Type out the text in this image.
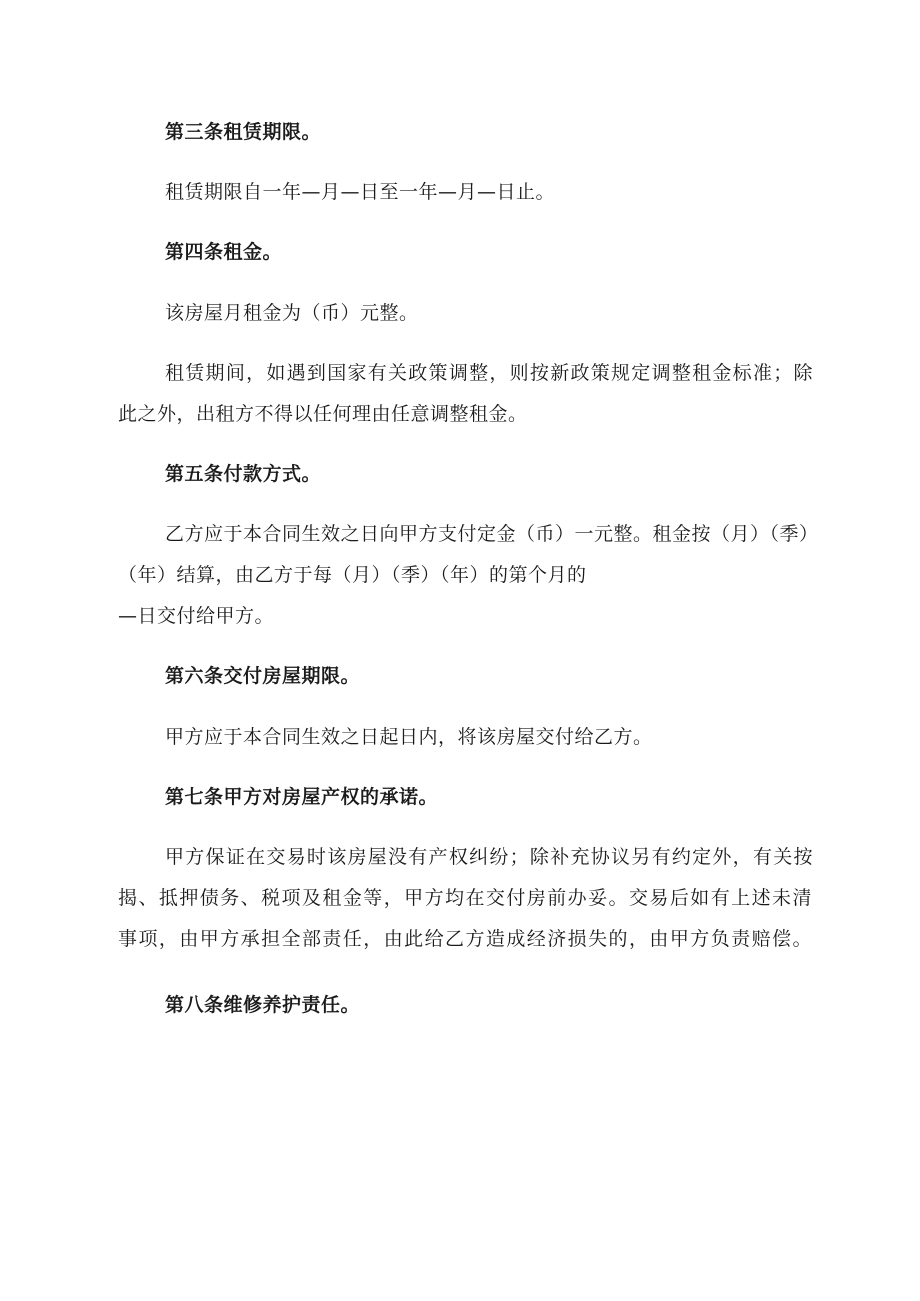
第三条租赁期限。
租赁期限自一年—月—日至一年—月—日止。
第四条租金。
该房屋月租金为（币）元整。
租赁期间，如遇到国家有关政策调整，则按新政策规定调整租金标准；除
此之外，出租方不得以任何理由任意调整租金。
第五条付款方式。
乙方应于本合同生效之日向甲方支付定金（币）一元整。租金按（月）（季）
（年）结算，由乙方于每（月）（季）（年）的第个月的
—日交付给甲方。
第六条交付房屋期限。
甲方应于本合同生效之日起日内，将该房屋交付给乙方。
第七条甲方对房屋产权的承诺。
甲方保证在交易时该房屋没有产权纠纷；除补充协议另有约定外，有关按
揭、抵押债务、税项及租金等，甲方均在交付房前办妥。交易后如有上述未清
事项，由甲方承担全部责任，由此给乙方造成经济损失的，由甲方负责赔偿。
第八条维修养护责任。
